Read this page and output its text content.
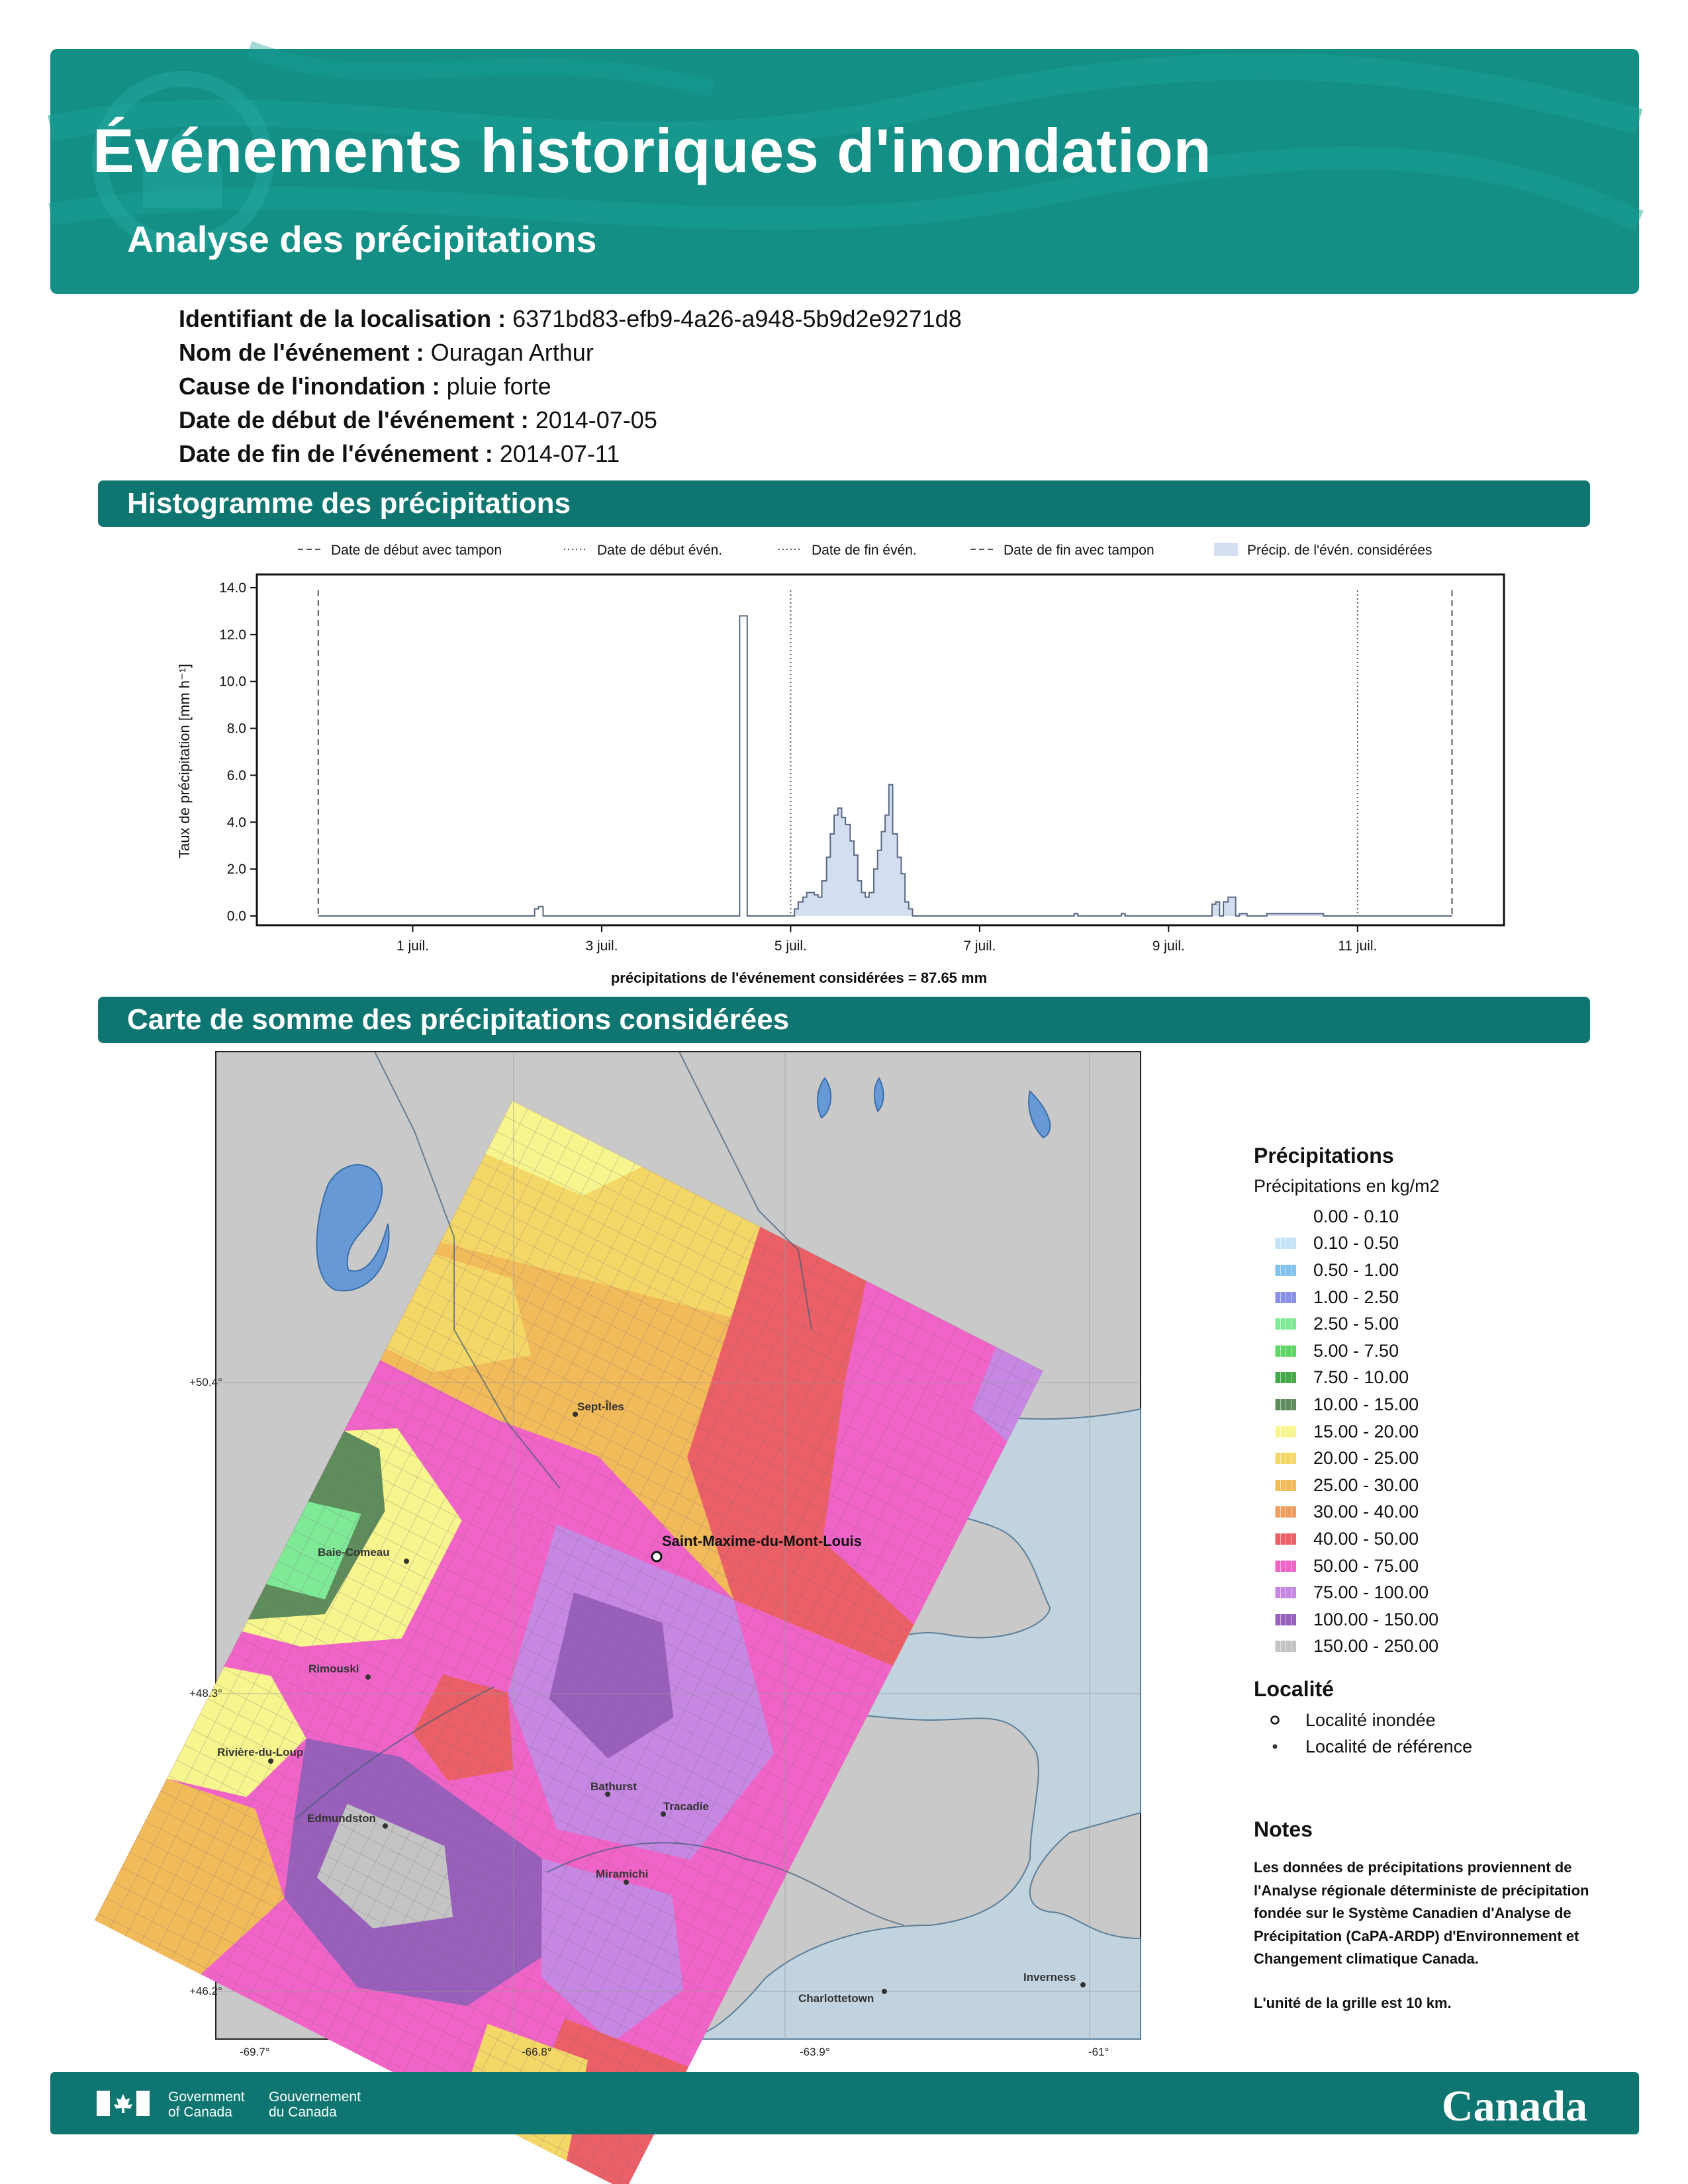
Événements historiques d'inondation
Analyse des précipitations
Identifiant de la localisation : 6371bd83-efb9-4a26-a948-5b9d2e9271d8
Nom de l'événement : Ouragan Arthur
Cause de l'inondation : pluie forte
Date de début de l'événement : 2014-07-05
Date de fin de l'événement : 2014-07-11
Histogramme des précipitations
Date de début avec tampon	Date de début évén.	Date de fin évén.	Date de fin avec tampon	Précip. de l'évén. considérées
0.0
2.0
4.0
6.0
8.0
10.0
12.0
14.0
1 juil.	3 juil.	5 juil.	7 juil.	9 juil.	11 juil.
Taux de précipitation [mm h⁻¹]
précipitations de l'événement considérées = 87.65 mm
Carte de somme des précipitations considérées
+50.4°
+48.3°
+46.2°
-69.7°	-66.8°	-63.9°	-61°
Sept-Îles
Baie-Comeau
Rimouski
Rivière-du-Loup
Edmundston
Bathurst
Tracadie
Miramichi
Charlottetown
Inverness
Saint-Maxime-du-Mont-Louis
Précipitations
Précipitations en kg/m2
0.00 - 0.10
0.10 - 0.50
0.50 - 1.00
1.00 - 2.50
2.50 - 5.00
5.00 - 7.50
7.50 - 10.00
10.00 - 15.00
15.00 - 20.00
20.00 - 25.00
25.00 - 30.00
30.00 - 40.00
40.00 - 50.00
50.00 - 75.00
75.00 - 100.00
100.00 - 150.00
150.00 - 250.00
Localité
Localité inondée
Localité de référence
Notes

Les données de précipitations proviennent de l'Analyse régionale déterministe de précipitation fondée sur le Système Canadien d'Analyse de Précipitation (CaPA-ARDP) d'Environnement et Changement climatique Canada.

L'unité de la grille est 10 km.

Government
of Canada
Gouvernement
du Canada	Canada
